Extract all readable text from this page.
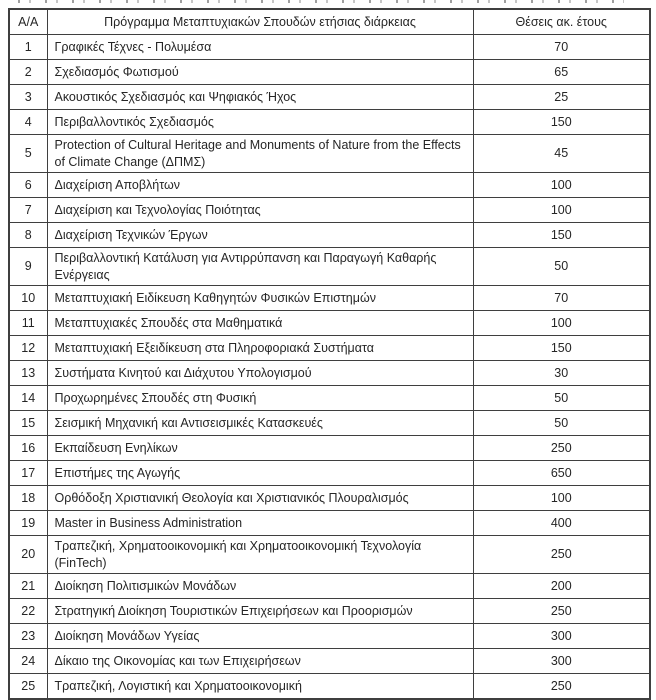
Α/Α	Πρόγραμμα Μεταπτυχιακών Σπουδών ετήσιας διάρκειας	Θέσεις ακ. έτους
1	Γραφικές Τέχνες - Πολυμέσα	70
2	Σχεδιασμός Φωτισμού	65
3	Ακουστικός Σχεδιασμός και Ψηφιακός Ήχος	25
4	Περιβαλλοντικός Σχεδιασμός	150
5	Protection of Cultural Heritage and Monuments of Nature from the Effects of Climate Change (ΔΠΜΣ)	45
6	Διαχείριση Αποβλήτων	100
7	Διαχείριση και Τεχνολογίας Ποιότητας	100
8	Διαχείριση Τεχνικών Έργων	150
9	Περιβαλλοντική Κατάλυση για Αντιρρύπανση και Παραγωγή Καθαρής Ενέργειας	50
10	Μεταπτυχιακή Ειδίκευση Καθηγητών Φυσικών Επιστημών	70
11	Μεταπτυχιακές Σπουδές στα Μαθηματικά	100
12	Μεταπτυχιακή Εξειδίκευση στα Πληροφοριακά Συστήματα	150
13	Συστήματα Κινητού και Διάχυτου Υπολογισμού	30
14	Προχωρημένες Σπουδές στη Φυσική	50
15	Σεισμική Μηχανική και Αντισεισμικές Κατασκευές	50
16	Εκπαίδευση Ενηλίκων	250
17	Επιστήμες της Αγωγής	650
18	Ορθόδοξη Χριστιανική Θεολογία και Χριστιανικός Πλουραλισμός	100
19	Master in Business Administration	400
20	Τραπεζική, Χρηματοοικονομική και Χρηματοοικονομική Τεχνολογία (FinTech)	250
21	Διοίκηση Πολιτισμικών Μονάδων	200
22	Στρατηγική Διοίκηση Τουριστικών Επιχειρήσεων και Προορισμών	250
23	Διοίκηση Μονάδων Υγείας	300
24	Δίκαιο της Οικονομίας και των Επιχειρήσεων	300
25	Τραπεζική, Λογιστική και Χρηματοοικονομική	250
